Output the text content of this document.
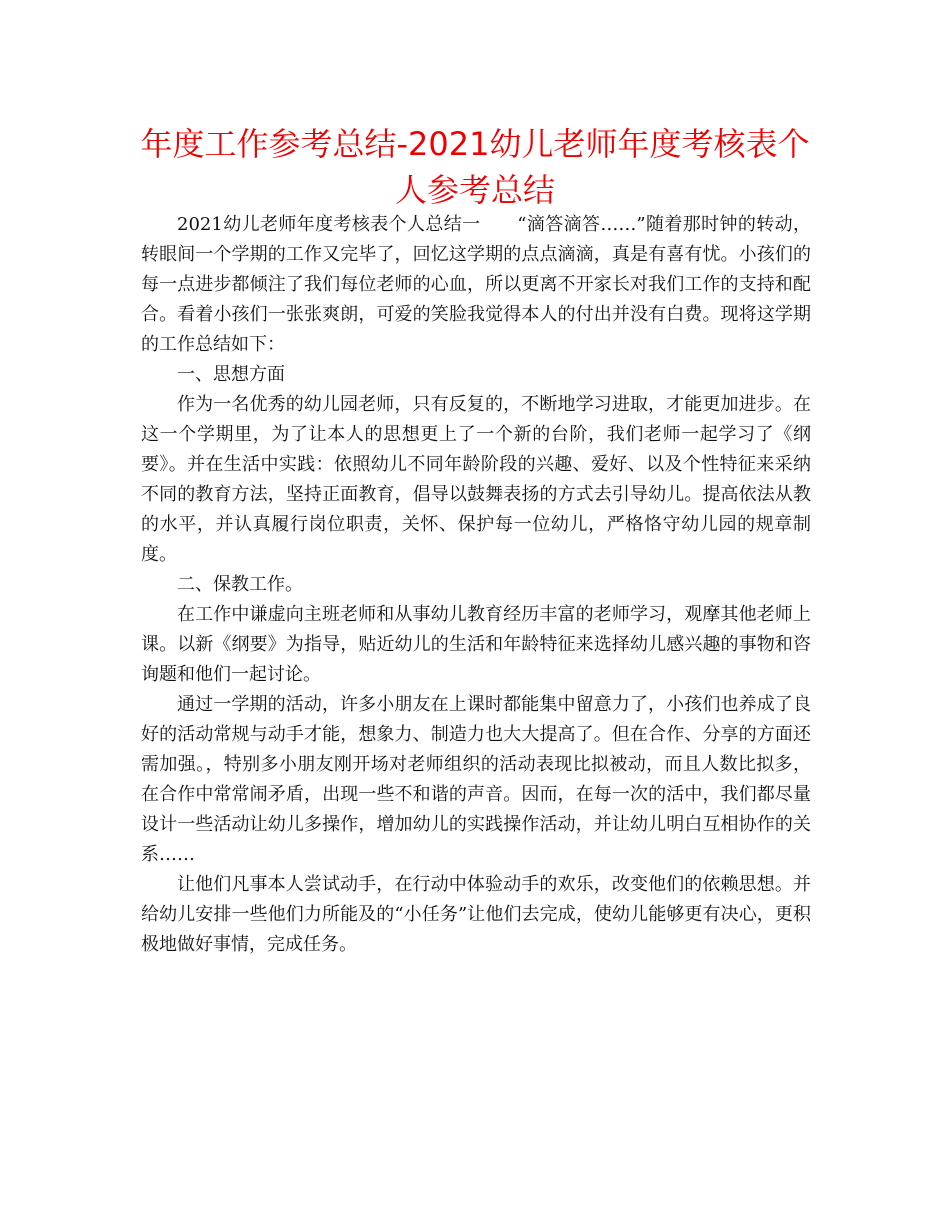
年度工作参考总结-2021幼儿老师年度考核表个
人参考总结

2021幼儿老师年度考核表个人总结一　　“滴答滴答……”随着那时钟的转动，转眼间一个学期的工作又完毕了，回忆这学期的点点滴滴，真是有喜有忧。小孩们的每一点进步都倾注了我们每位老师的心血，所以更离不开家长对我们工作的支持和配合。看着小孩们一张张爽朗，可爱的笑脸我觉得本人的付出并没有白费。现将这学期的工作总结如下：

一、思想方面

作为一名优秀的幼儿园老师，只有反复的，不断地学习进取，才能更加进步。在这一个学期里，为了让本人的思想更上了一个新的台阶，我们老师一起学习了《纲要》。并在生活中实践：依照幼儿不同年龄阶段的兴趣、爱好、以及个性特征来采纳不同的教育方法，坚持正面教育，倡导以鼓舞表扬的方式去引导幼儿。提高依法从教的水平，并认真履行岗位职责，关怀、保护每一位幼儿，严格恪守幼儿园的规章制度。

二、保教工作。

在工作中谦虚向主班老师和从事幼儿教育经历丰富的老师学习，观摩其他老师上课。以新《纲要》为指导，贴近幼儿的生活和年龄特征来选择幼儿感兴趣的事物和咨询题和他们一起讨论。

通过一学期的活动，许多小朋友在上课时都能集中留意力了，小孩们也养成了良好的活动常规与动手才能，想象力、制造力也大大提高了。但在合作、分享的方面还需加强。，特别多小朋友刚开场对老师组织的活动表现比拟被动，而且人数比拟多，在合作中常常闹矛盾，出现一些不和谐的声音。因而，在每一次的活中，我们都尽量设计一些活动让幼儿多操作，增加幼儿的实践操作活动，并让幼儿明白互相协作的关系……

让他们凡事本人尝试动手，在行动中体验动手的欢乐，改变他们的依赖思想。并给幼儿安排一些他们力所能及的“小任务”让他们去完成，使幼儿能够更有决心，更积极地做好事情，完成任务。
